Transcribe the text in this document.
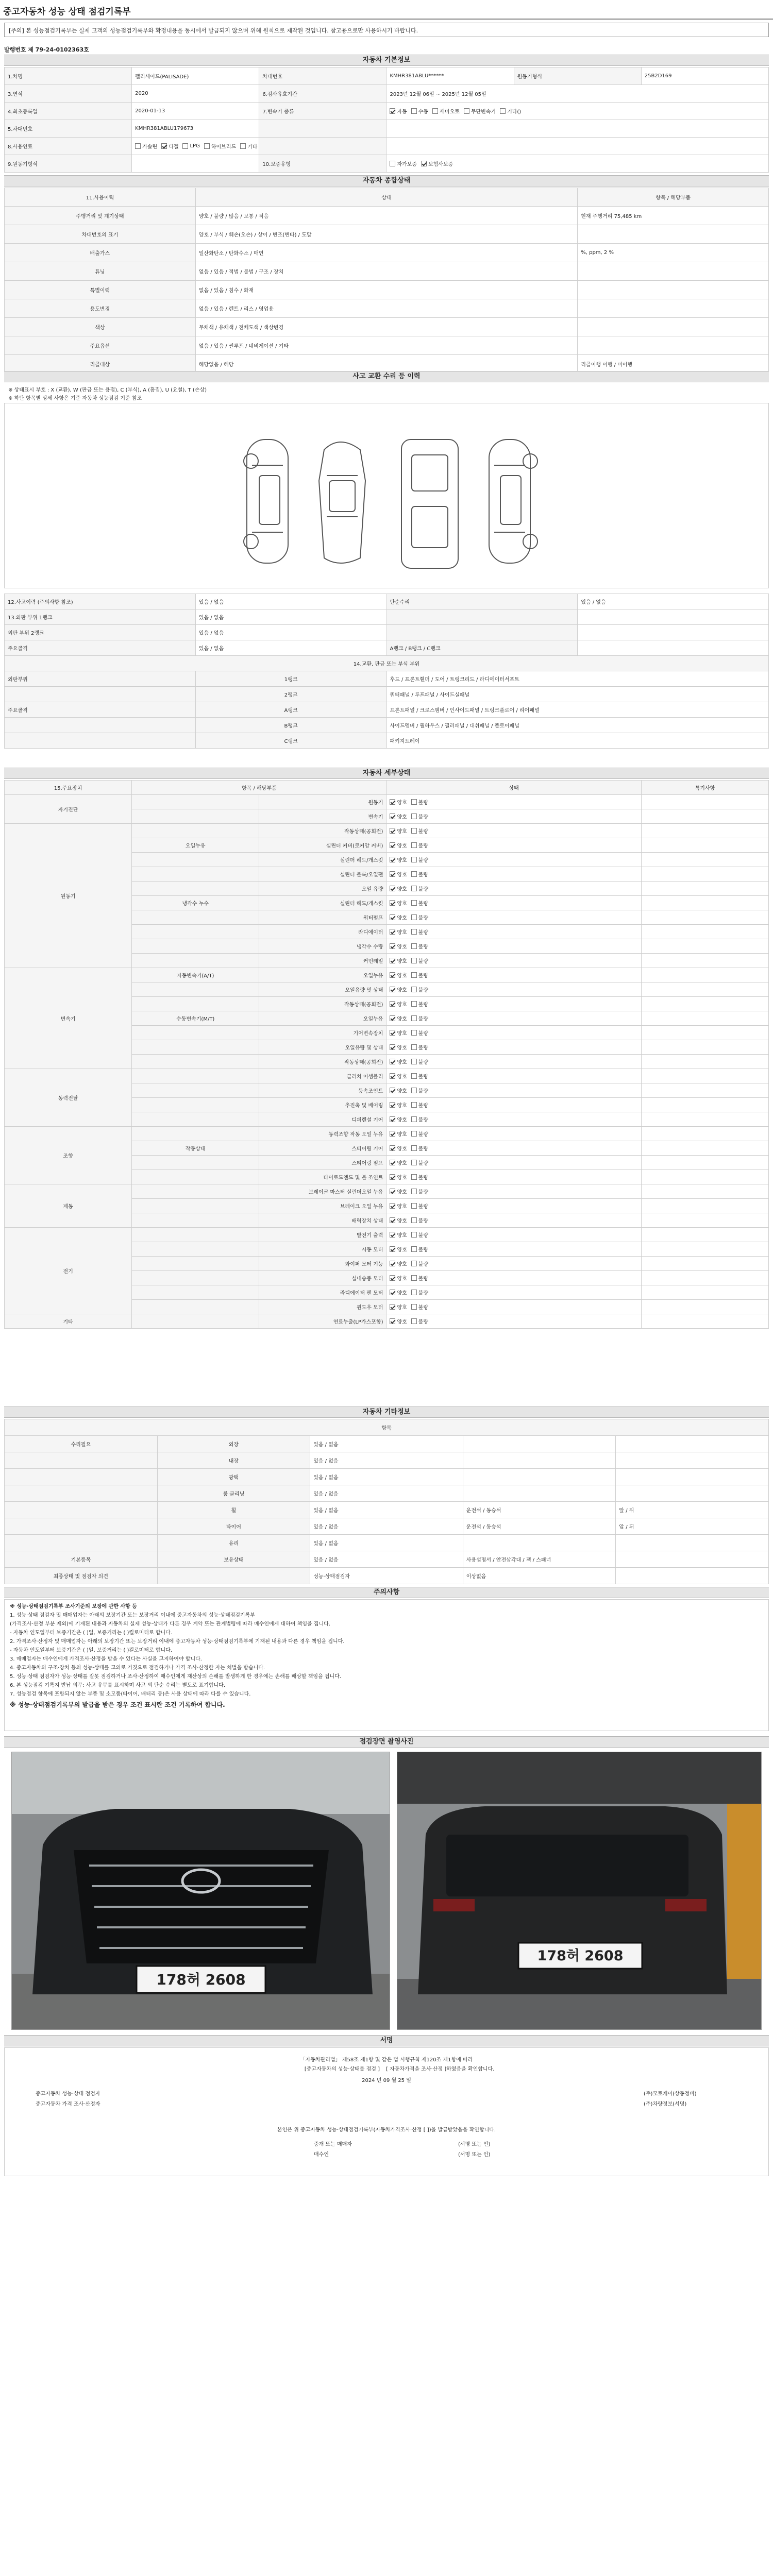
중고자동차 성능 상태 점검기록부
[주의] 본 성능점검기록부는 실제 고객의 성능점검기록부와 확정내용을 동시에서 발급되지 않으며 위해 원칙으로 제작된 것입니다. 참고용으로만 사용하시기 바랍니다.
발행번호 제 79-24-0102363호
자동차 기본정보
1.차명	팰리세이드(PALISADE)	차대번호	KMHR381ABLU******	원동기형식	25B2D169
3.연식	2020	6.검사유효기간	2023년 12월 06일 ~ 2025년 12월 05일		
4.최초등록일	2020-01-13	7.변속기 종류	자동 수동 세미오토 무단변속기 기타()		

5.차대번호	KMHR381ABLU179673				
8.사용연료	가솔린 디젤 LPG 하이브리드 기타				

9.원동기형식		10.보증유형	자가보증 보험사보증		
자동차 종합상태
11.사용이력	상태	항목 / 해당부품
주행거리 및 계기상태	양호 / 불량 / 많음 / 보통 / 적음	현재 주행거리 75,485 km
차대번호의 표기	양호 / 부식 / 훼손(오손) / 상이 / 변조(변타) / 도말	
배출가스	일산화탄소 / 탄화수소 / 매연	%, ppm, 2 %
튜닝	없음 / 있음 / 적법 / 불법 / 구조 / 장치	
특별이력	없음 / 있음 / 침수 / 화재	
용도변경	없음 / 있음 / 렌트 / 리스 / 영업용	
색상	무채색 / 유채색 / 전체도색 / 색상변경	
주요옵션	없음 / 있음 / 썬루프 / 네비게이션 / 기타	
리콜대상	해당없음 / 해당	리콜이행 이행 / 미이행
사고 교환 수리 등 이력
※ 상태표시 부호 : X (교환), W (판금 또는 용접), C (부식), A (흠집), U (요철), T (손상)
※ 하단 항목별 상세 사항은 기준 자동차 성능점검 기준 참조
12.사고이력 (주의사항 참조)	있음 / 없음	단순수리	있음 / 없음
13.외판 부위 1랭크	있음 / 없음		
외판 부위 2랭크	있음 / 없음		
주요골격	있음 / 없음	A랭크 / B랭크 / C랭크	
14.교환, 판금 또는 부식 부위			
외판부위	1랭크	후드 / 프론트휀더 / 도어 / 트렁크리드 / 라디에이터서포트	
	2랭크	쿼터패널 / 루프패널 / 사이드실패널	
주요골격	A랭크	프론트패널 / 크로스멤버 / 인사이드패널 / 트렁크플로어 / 리어패널	
	B랭크	사이드멤버 / 휠하우스 / 필러패널 / 대쉬패널 / 플로어패널	
	C랭크	패키지트레이	
자동차 세부상태
15.주요장치	항목 / 해당부품		상태	특기사항
자기진단		원동기	양호 불량	

		변속기	양호 불량	

원동기		작동상태(공회전)	양호 불량	

	오일누유	실린더 커버(로커암 커버)	양호 불량	

		실린더 헤드/개스킷	양호 불량	

		실린더 블록/오일팬	양호 불량	

		오일 유량	양호 불량	

	냉각수 누수	실린더 헤드/개스킷	양호 불량	

		워터펌프	양호 불량	

		라디에이터	양호 불량	

		냉각수 수량	양호 불량	

		커먼레일	양호 불량	

변속기	자동변속기(A/T)	오일누유	양호 불량	

		오일유량 및 상태	양호 불량	

		작동상태(공회전)	양호 불량	

	수동변속기(M/T)	오일누유	양호 불량	

		기어변속장치	양호 불량	

		오일유량 및 상태	양호 불량	

		작동상태(공회전)	양호 불량	

동력전달		클러치 어셈블리	양호 불량	

		등속조인트	양호 불량	

		추진축 및 베어링	양호 불량	

		디퍼렌셜 기어	양호 불량	

조향		동력조향 작동 오일 누유	양호 불량	

	작동상태	스티어링 기어	양호 불량	

		스티어링 펌프	양호 불량	

		타이로드엔드 및 볼 조인트	양호 불량	

제동		브레이크 마스터 실린더오일 누유	양호 불량	

		브레이크 오일 누유	양호 불량	

		배력장치 상태	양호 불량	

전기		발전기 출력	양호 불량	

		시동 모터	양호 불량	

		와이퍼 모터 기능	양호 불량	

		실내송풍 모터	양호 불량	

		라디에이터 팬 모터	양호 불량	

		윈도우 모터	양호 불량	

기타		연료누출(LP가스포함)	양호 불량	

자동차 기타정보
항목				
수리필요	외장	있음 / 없음		
	내장	있음 / 없음		
	광택	있음 / 없음		
	룸 클리닝	있음 / 없음		
	휠	있음 / 없음	운전석 / 동승석	앞 / 뒤
	타이어	있음 / 없음	운전석 / 동승석	앞 / 뒤
	유리	있음 / 없음		
기본품목	보유상태	있음 / 없음	사용설명서 / 안전삼각대 / 잭 / 스패너	
최종상태 및 점검자 의견		성능·상태점검자	이상없음	
주의사항

※ 성능·상태점검기록부 조사기준의 보장에 관한 사항 등

1. 성능·상태 점검자 및 매매업자는 아래의 보장기간 또는 보장거리 이내에 중고자동차의 성능·상태점검기록부

(가격조사·산정 부분 제외)에 기재된 내용과 자동차의 실제 성능·상태가 다른 경우 계약 또는 관계법령에 따라 매수인에게 대하여 책임을 집니다.

- 자동차 인도일부터 보증기간은 ( )일, 보증거리는 ( )킬로미터로 합니다.

2. 가격조사·산정자 및 매매업자는 아래의 보장기간 또는 보장거리 이내에 중고자동차 성능·상태점검기록부에 기재된 내용과 다른 경우 책임을 집니다.

- 자동차 인도일부터 보증기간은 ( )일, 보증거리는 ( )킬로미터로 합니다.

3. 매매업자는 매수인에게 가격조사·산정을 받을 수 있다는 사실을 고지하여야 합니다.

4. 중고자동차의 구조·장치 등의 성능·상태를 고의로 거짓으로 점검하거나 가격 조사·산정한 자는 처벌을 받습니다.

5. 성능·상태 점검자가 성능·상태를 잘못 점검하거나 조사·산정하여 매수인에게 재산상의 손해를 발생하게 한 경우에는 손해를 배상할 책임을 집니다.

6. 본 성능점검 기록지 반납 의무: 사고 유무를 표시하며 사고 외 단순 수리는 별도로 표기합니다.

7. 성능점검 항목에 포함되지 않는 부품 및 소모품(타이어, 배터리 등)은 사용 상태에 따라 다를 수 있습니다.

※ 성능·상태점검기록부의 발급을 받은 경우 조건 표시란 조건 기록하여 합니다.

점검장면 촬영사진
178허 2608
178허 2608
서명
「자동차관리법」 제58조 제1항 및 같은 법 시행규칙 제120조 제1항에 따라
[중고자동차의 성능·상태를 점검 ]	[ 자동차가격을 조사·산정 ]하였음을 확인합니다.
2024 년 09 월 25 일
중고자동차 성능·상태 점검자	(주)모토케이(상동정비)
중고자동차 가격 조사·산정자	(주)차량정보(서명)
본인은 위 중고자동차 성능·상태점검기록부(자동차가격조사·산정 [ ])을 발급받았음을 확인합니다.
중개 또는 매매자	(서명 또는 인)
매수인	(서명 또는 인)
